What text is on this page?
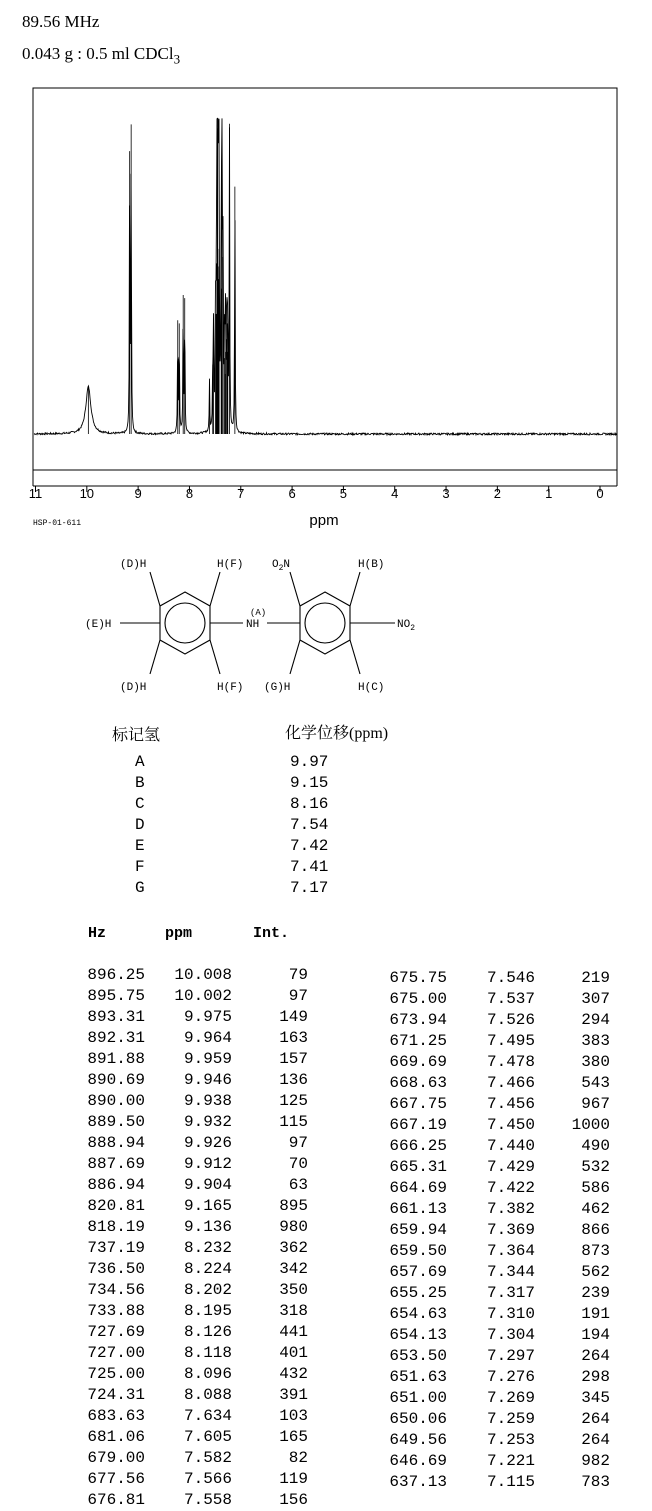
89.56 MHz
0.043 g : 0.5 ml CDCl$_3$
11	10	9	8	7	6	5	4	3	2	1	0
ppm
HSP-01-611
(D)H	H(F)	$O_2N$	H(B)
(E)H
(A)
NH	$NO_2$
(D)H	H(F) (G)H	H(C)
标记氢	化学位移(ppm)
A	9.97
B	9.15
C	8.16
D	7.54
E	7.42
F	7.41
G	7.17
Hz	ppm	Int.
896.25	10.008	79
895.75	10.002	97
893.31	9.975	149
892.31	9.964	163
891.88	9.959	157
890.69	9.946	136
890.00	9.938	125
889.50	9.932	115
888.94	9.926	97
887.69	9.912	70
886.94	9.904	63
820.81	9.165	895
818.19	9.136	980
737.19	8.232	362
736.50	8.224	342
734.56	8.202	350
733.88	8.195	318
727.69	8.126	441
727.00	8.118	401
725.00	8.096	432
724.31	8.088	391
683.63	7.634	103
681.06	7.605	165
679.00	7.582	82
677.56	7.566	119
676.81	7.558	156
675.75	7.546	219
675.00	7.537	307
673.94	7.526	294
671.25	7.495	383
669.69	7.478	380
668.63	7.466	543
667.75	7.456	967
667.19	7.450	1000
666.25	7.440	490
665.31	7.429	532
664.69	7.422	586
661.13	7.382	462
659.94	7.369	866
659.50	7.364	873
657.69	7.344	562
655.25	7.317	239
654.63	7.310	191
654.13	7.304	194
653.50	7.297	264
651.63	7.276	298
651.00	7.269	345
650.06	7.259	264
649.56	7.253	264
646.69	7.221	982
637.13	7.115	783
